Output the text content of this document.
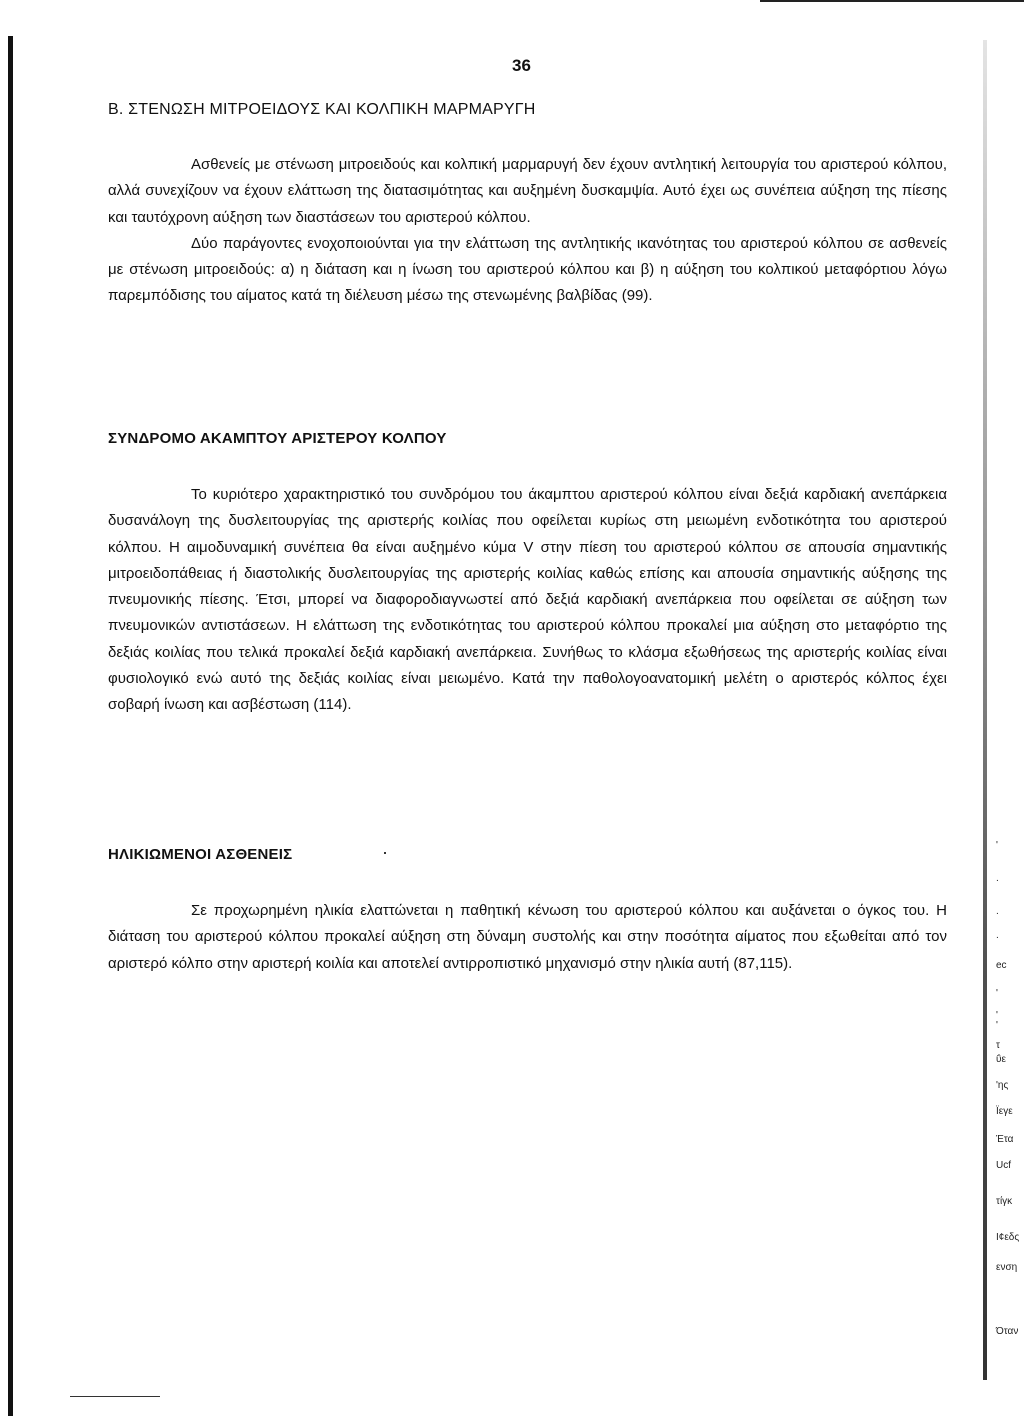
36
Β. ΣΤΕΝΩΣΗ ΜΙΤΡΟΕΙΔΟΥΣ ΚΑΙ ΚΟΛΠΙΚΗ ΜΑΡΜΑΡΥΓΗ

Ασθενείς με στένωση μιτροειδούς και κολπική μαρμαρυγή δεν έχουν αντλητική λειτουργία του αριστερού κόλπου, αλλά συνεχίζουν να έχουν ελάττωση της διατασιμότητας και αυξημένη δυσκαμψία. Αυτό έχει ως συνέπεια αύξηση της πίεσης και ταυτόχρονη αύξηση των διαστάσεων του αριστερού κόλπου.

Δύο παράγοντες ενοχοποιούνται για την ελάττωση της αντλητικής ικανότητας του αριστερού κόλπου σε ασθενείς με στένωση μιτροειδούς: α) η διάταση και η ίνωση του αριστερού κόλπου και β) η αύξηση του κολπικού μεταφόρτιου λόγω παρεμπόδισης του αίματος κατά τη διέλευση μέσω της στενωμένης βαλβίδας (99).

ΣΥΝΔΡΟΜΟ ΑΚΑΜΠΤΟΥ ΑΡΙΣΤΕΡΟΥ ΚΟΛΠΟΥ

Το κυριότερο χαρακτηριστικό του συνδρόμου του άκαμπτου αριστερού κόλπου είναι δεξιά καρδιακή ανεπάρκεια δυσανάλογη της δυσλειτουργίας της αριστερής κοιλίας που οφείλεται κυρίως στη μειωμένη ενδοτικότητα του αριστερού κόλπου. Η αιμοδυναμική συνέπεια θα είναι αυξημένο κύμα V στην πίεση του αριστερού κόλπου σε απουσία σημαντικής μιτροειδοπάθειας ή διαστολικής δυσλειτουργίας της αριστερής κοιλίας καθώς επίσης και απουσία σημαντικής αύξησης της πνευμονικής πίεσης. Έτσι, μπορεί να διαφοροδιαγνωστεί από δεξιά καρδιακή ανεπάρκεια που οφείλεται σε αύξηση των πνευμονικών αντιστάσεων. Η ελάττωση της ενδοτικότητας του αριστερού κόλπου προκαλεί μια αύξηση στο μεταφόρτιο της δεξιάς κοιλίας που τελικά προκαλεί δεξιά καρδιακή ανεπάρκεια. Συνήθως το κλάσμα εξωθήσεως της αριστερής κοιλίας είναι φυσιολογικό ενώ αυτό της δεξιάς κοιλίας είναι μειωμένο. Κατά την παθολογοανατομική μελέτη ο αριστερός κόλπος έχει σοβαρή ίνωση και ασβέστωση (114).

ΗΛΙΚΙΩΜΕΝΟΙ ΑΣΘΕΝΕΙΣ

Σε προχωρημένη ηλικία ελαττώνεται η παθητική κένωση του αριστερού κόλπου και αυξάνεται ο όγκος του. Η διάταση του αριστερού κόλπου προκαλεί αύξηση στη δύναμη συστολής και στην ποσότητα αίματος που εξωθείται από τον αριστερό κόλπο στην αριστερή κοιλία και αποτελεί αντιρροπιστικό μηχανισμό στην ηλικία αυτή (87,115).

'
.
.
.
ec
'
'
'
τ
ΰε
'ης
Ϊεγε
Έτα
Ucf
τίγκ
Ι¢εδς
ενση
Όταν
